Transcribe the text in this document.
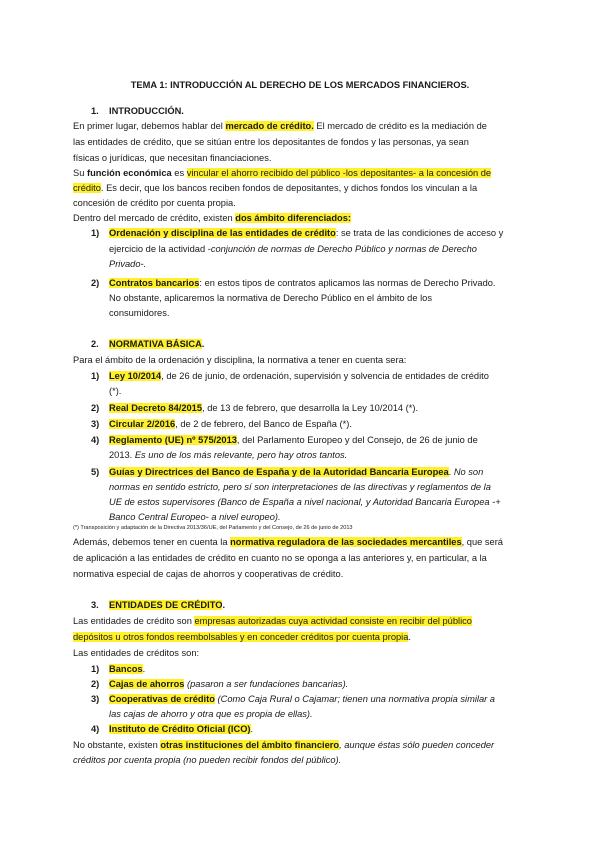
TEMA 1: INTRODUCCIÓN AL DERECHO DE LOS MERCADOS FINANCIEROS.
1. INTRODUCCIÓN.
En primer lugar, debemos hablar del mercado de crédito. El mercado de crédito es la mediación de
las entidades de crédito, que se sitúan entre los depositantes de fondos y las personas, ya sean
físicas o jurídicas, que necesitan financiaciones.
Su función económica es vincular el ahorro recibido del público -los depositantes- a la concesión de
crédito. Es decir, que los bancos reciben fondos de depositantes, y dichos fondos los vinculan a la
concesión de crédito por cuenta propia.
Dentro del mercado de crédito, existen dos ámbito diferenciados:
1) Ordenación y disciplina de las entidades de crédito: se trata de las condiciones de acceso y
ejercicio de la actividad -conjunción de normas de Derecho Público y normas de Derecho
Privado-.
2) Contratos bancarios: en estos tipos de contratos aplicamos las normas de Derecho Privado.
No obstante, aplicaremos la normativa de Derecho Público en el ámbito de los
consumidores.
2. NORMATIVA BÁSICA.
Para el ámbito de la ordenación y disciplina, la normativa a tener en cuenta sera:
1) Ley 10/2014, de 26 de junio, de ordenación, supervisión y solvencia de entidades de crédito
(*).
2) Real Decreto 84/2015, de 13 de febrero, que desarrolla la Ley 10/2014 (*).
3) Circular 2/2016, de 2 de febrero, del Banco de España (*).
4) Reglamento (UE) nº 575/2013, del Parlamento Europeo y del Consejo, de 26 de junio de
2013. Es uno de los más relevante, pero hay otros tantos.
5) Guías y Directrices del Banco de España y de la Autoridad Bancaria Europea. No son
normas en sentido estricto, pero sí son interpretaciones de las directivas y reglamentos de la
UE de estos supervisores (Banco de España a nivel nacional, y Autoridad Bancaria Europea -+
Banco Central Europeo- a nivel europeo).
(*) Transposición y adaptación de la Directiva 2013/36/UE, del Parlamento y del Consejo, de 26 de junio de 2013
Además, debemos tener en cuenta la normativa reguladora de las sociedades mercantiles, que será
de aplicación a las entidades de crédito en cuanto no se oponga a las anteriores y, en particular, a la
normativa especial de cajas de ahorros y cooperativas de crédito.
3. ENTIDADES DE CRÉDITO.
Las entidades de crédito son empresas autorizadas cuya actividad consiste en recibir del público
depósitos u otros fondos reembolsables y en conceder créditos por cuenta propia.
Las entidades de créditos son:
1) Bancos.
2) Cajas de ahorros (pasaron a ser fundaciones bancarias).
3) Cooperativas de crédito (Como Caja Rural o Cajamar; tienen una normativa propia similar a
las cajas de ahorro y otra que es propia de ellas).
4) Instituto de Crédito Oficial (ICO).
No obstante, existen otras instituciones del ámbito financiero, aunque éstas sólo pueden conceder
créditos por cuenta propia (no pueden recibir fondos del público).
